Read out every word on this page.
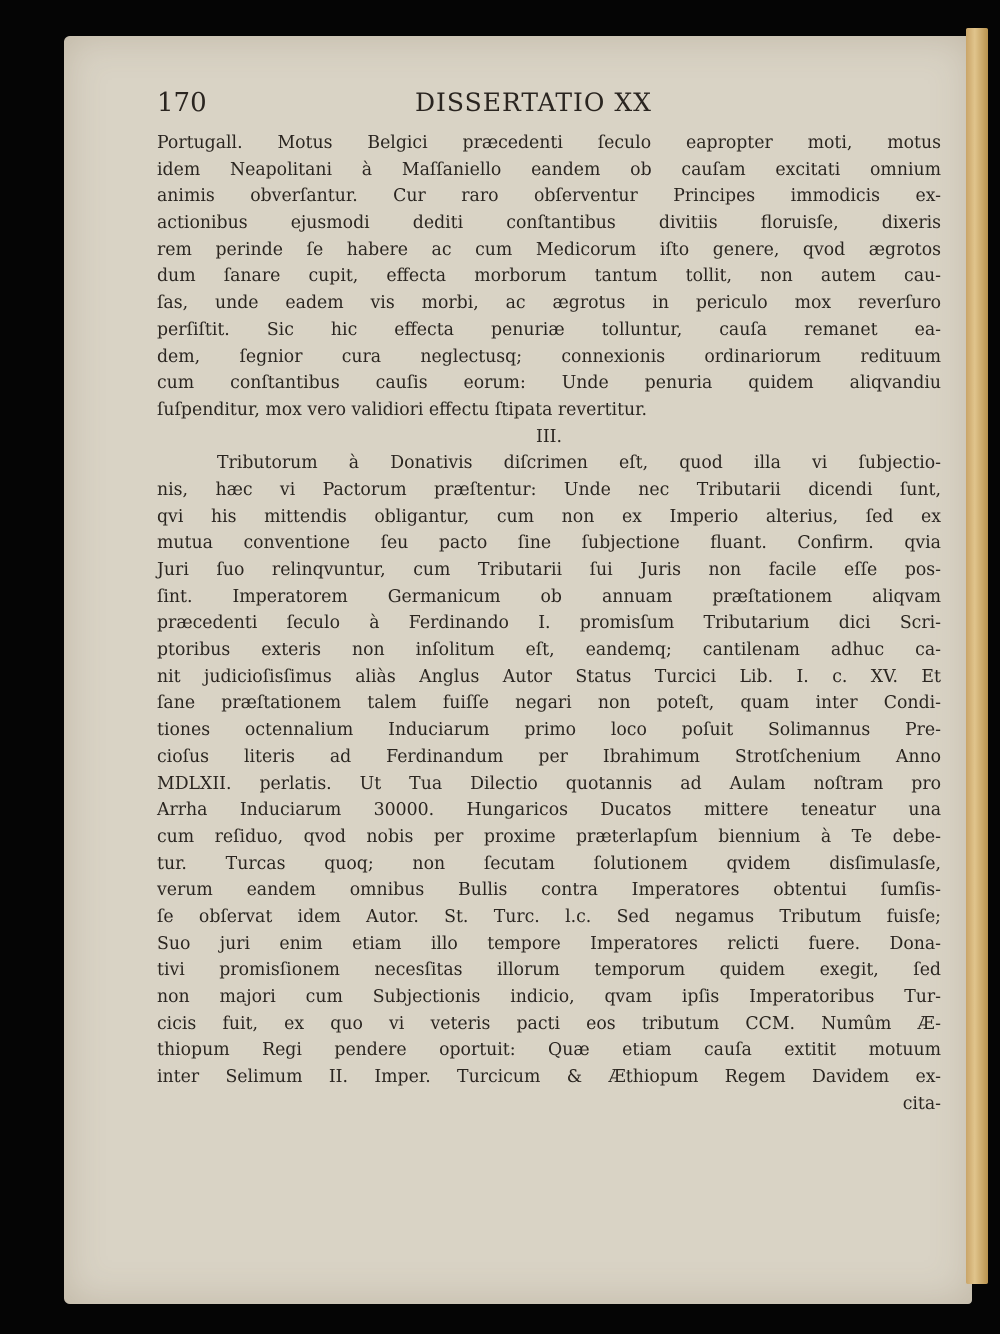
170	DISSERTATIO XX
Portugall. Motus Belgici præcedenti ſeculo eapropter moti, motus
idem Neapolitani à Maſſaniello eandem ob cauſam excitati omnium
animis obverſantur. Cur raro obſerventur Principes immodicis ex-
actionibus ejusmodi dediti conſtantibus divitiis floruisſe, dixeris
rem perinde ſe habere ac cum Medicorum iſto genere, qvod ægrotos
dum ſanare cupit, effecta morborum tantum tollit, non autem cau-
ſas, unde eadem vis morbi, ac ægrotus in periculo mox reverſuro
perſiſtit. Sic hic effecta penuriæ tolluntur, cauſa remanet ea-
dem, ſegnior cura neglectusq; connexionis ordinariorum redituum
cum conſtantibus cauſis eorum: Unde penuria quidem aliqvandiu
ſuſpenditur, mox vero validiori effectu ſtipata revertitur.
III.
Tributorum à Donativis diſcrimen eſt, quod illa vi ſubjectio-
nis, hæc vi Pactorum præſtentur: Unde nec Tributarii dicendi ſunt,
qvi his mittendis obligantur, cum non ex Imperio alterius, ſed ex
mutua conventione ſeu pacto ſine ſubjectione fluant. Confirm. qvia
Juri ſuo relinqvuntur, cum Tributarii ſui Juris non facile eſſe pos-
ſint. Imperatorem Germanicum ob annuam præſtationem aliqvam
præcedenti ſeculo à Ferdinando I. promisſum Tributarium dici Scri-
ptoribus exteris non inſolitum eſt, eandemq; cantilenam adhuc ca-
nit judicioſisſimus aliàs Anglus Autor Status Turcici Lib. I. c. XV. Et
ſane præſtationem talem fuiſſe negari non poteſt, quam inter Condi-
tiones octennalium Induciarum primo loco poſuit Solimannus Pre-
cioſus literis ad Ferdinandum per Ibrahimum Strotſchenium Anno
MDLXII. perlatis. Ut Tua Dilectio quotannis ad Aulam noſtram pro
Arrha Induciarum 30000. Hungaricos Ducatos mittere teneatur una
cum reſiduo, qvod nobis per proxime præterlapſum biennium à Te debe-
tur. Turcas quoq; non ſecutam ſolutionem qvidem disſimulasſe,
verum eandem omnibus Bullis contra Imperatores obtentui ſumſis-
ſe obſervat idem Autor. St. Turc. l.c. Sed negamus Tributum fuisſe;
Suo juri enim etiam illo tempore Imperatores relicti fuere. Dona-
tivi promisſionem necesſitas illorum temporum quidem exegit, ſed
non majori cum Subjectionis indicio, qvam ipſis Imperatoribus Tur-
cicis fuit, ex quo vi veteris pacti eos tributum CCM. Numûm Æ-
thiopum Regi pendere oportuit: Quæ etiam cauſa extitit motuum
inter Selimum II. Imper. Turcicum & Æthiopum Regem Davidem ex-
cita-
